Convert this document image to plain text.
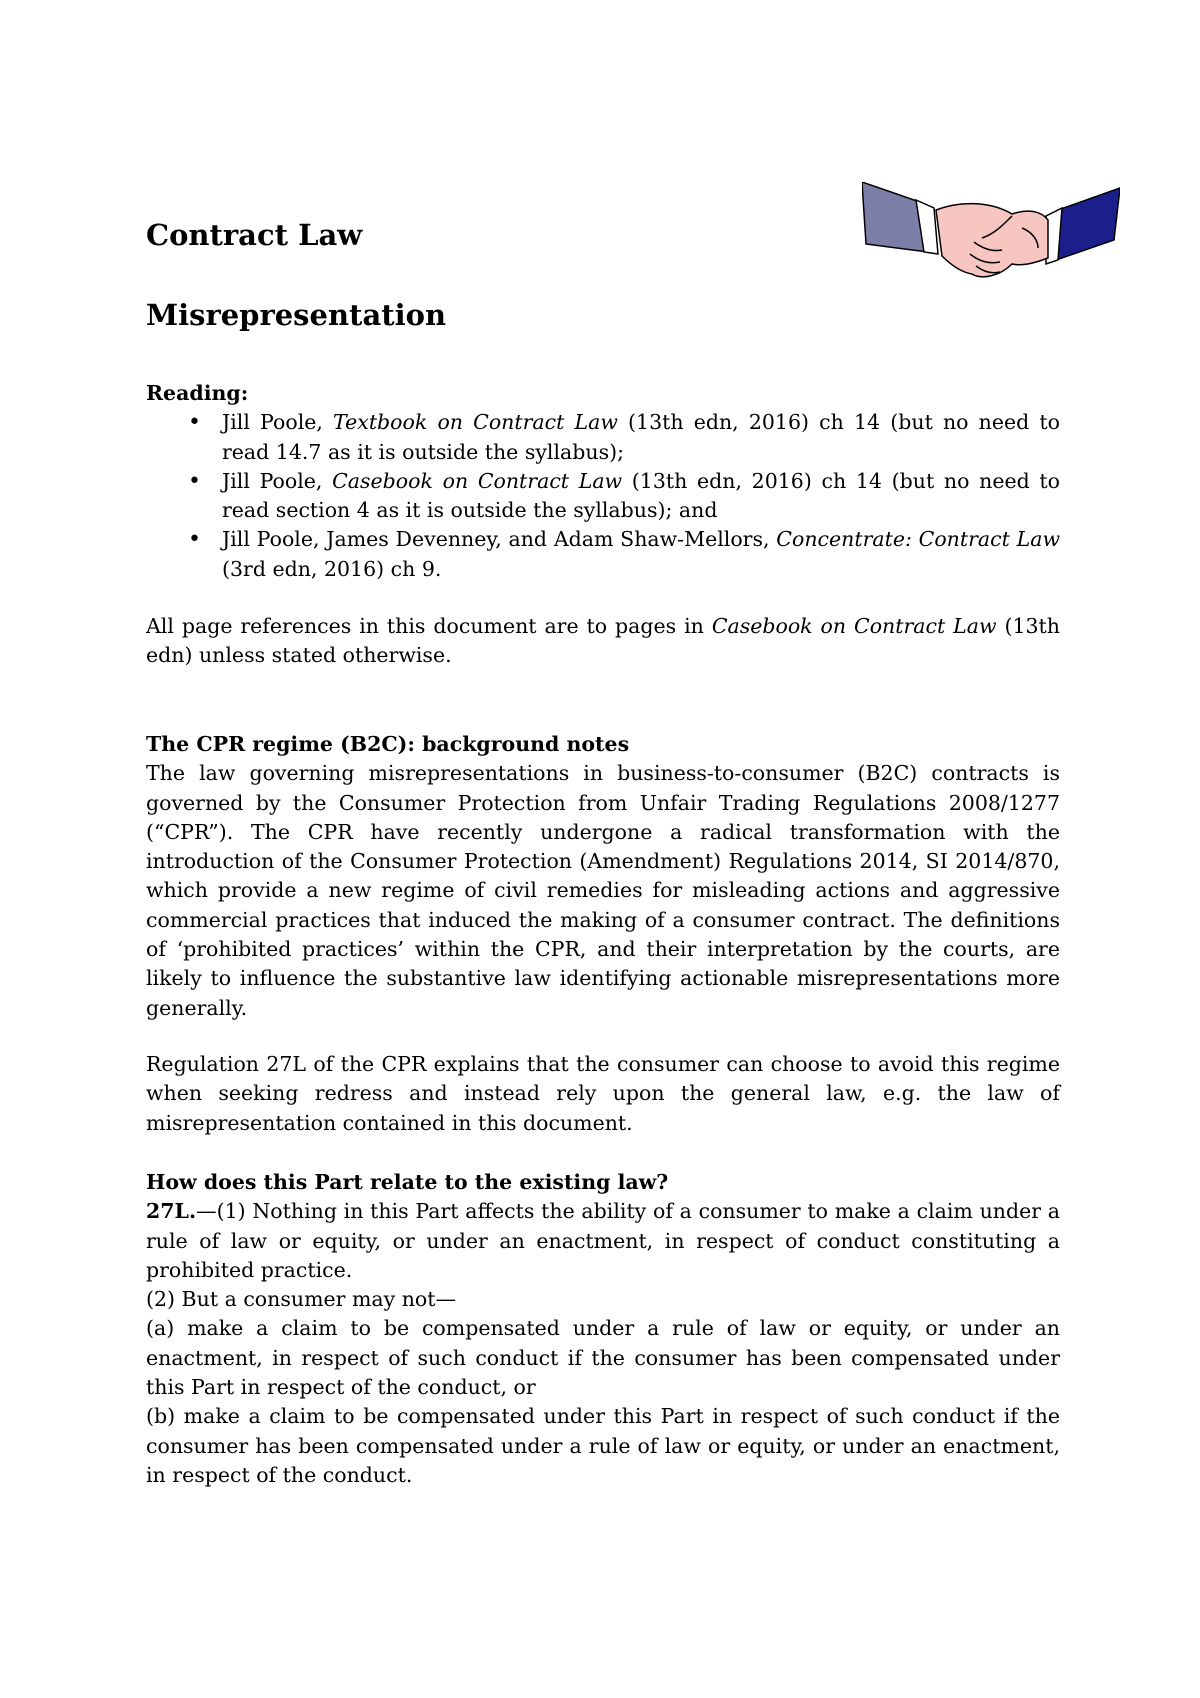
Contract Law
Misrepresentation
Reading:
•
Jill Poole, Textbook on Contract Law (13th edn, 2016) ch 14 (but no need to read 14.7 as it is outside the syllabus);
•
Jill Poole, Casebook on Contract Law (13th edn, 2016) ch 14 (but no need to read section 4 as it is outside the syllabus); and
•
Jill Poole, James Devenney, and Adam Shaw-Mellors, Concentrate: Contract Law (3rd edn, 2016) ch 9.

All page references in this document are to pages in Casebook on Contract Law (13th edn) unless stated otherwise.

The CPR regime (B2C): background notes

The law governing misrepresentations in business-to-consumer (B2C) contracts is governed by the Consumer Protection from Unfair Trading Regulations 2008/1277 (“CPR”). The CPR have recently undergone a radical transformation with the introduction of the Consumer Protection (Amendment) Regulations 2014, SI 2014/870, which provide a new regime of civil remedies for misleading actions and aggressive commercial practices that induced the making of a consumer contract. The definitions of ‘prohibited practices’ within the CPR, and their interpretation by the courts, are likely to influence the substantive law identifying actionable misrepresentations more generally.

Regulation 27L of the CPR explains that the consumer can choose to avoid this regime when seeking redress and instead rely upon the general law, e.g. the law of misrepresentation contained in this document.

How does this Part relate to the existing law?

27L.—(1) Nothing in this Part affects the ability of a consumer to make a claim under a rule of law or equity, or under an enactment, in respect of conduct constituting a prohibited practice.

(2) But a consumer may not—

(a) make a claim to be compensated under a rule of law or equity, or under an enactment, in respect of such conduct if the consumer has been compensated under this Part in respect of the conduct, or

(b) make a claim to be compensated under this Part in respect of such conduct if the consumer has been compensated under a rule of law or equity, or under an enactment, in respect of the conduct.
